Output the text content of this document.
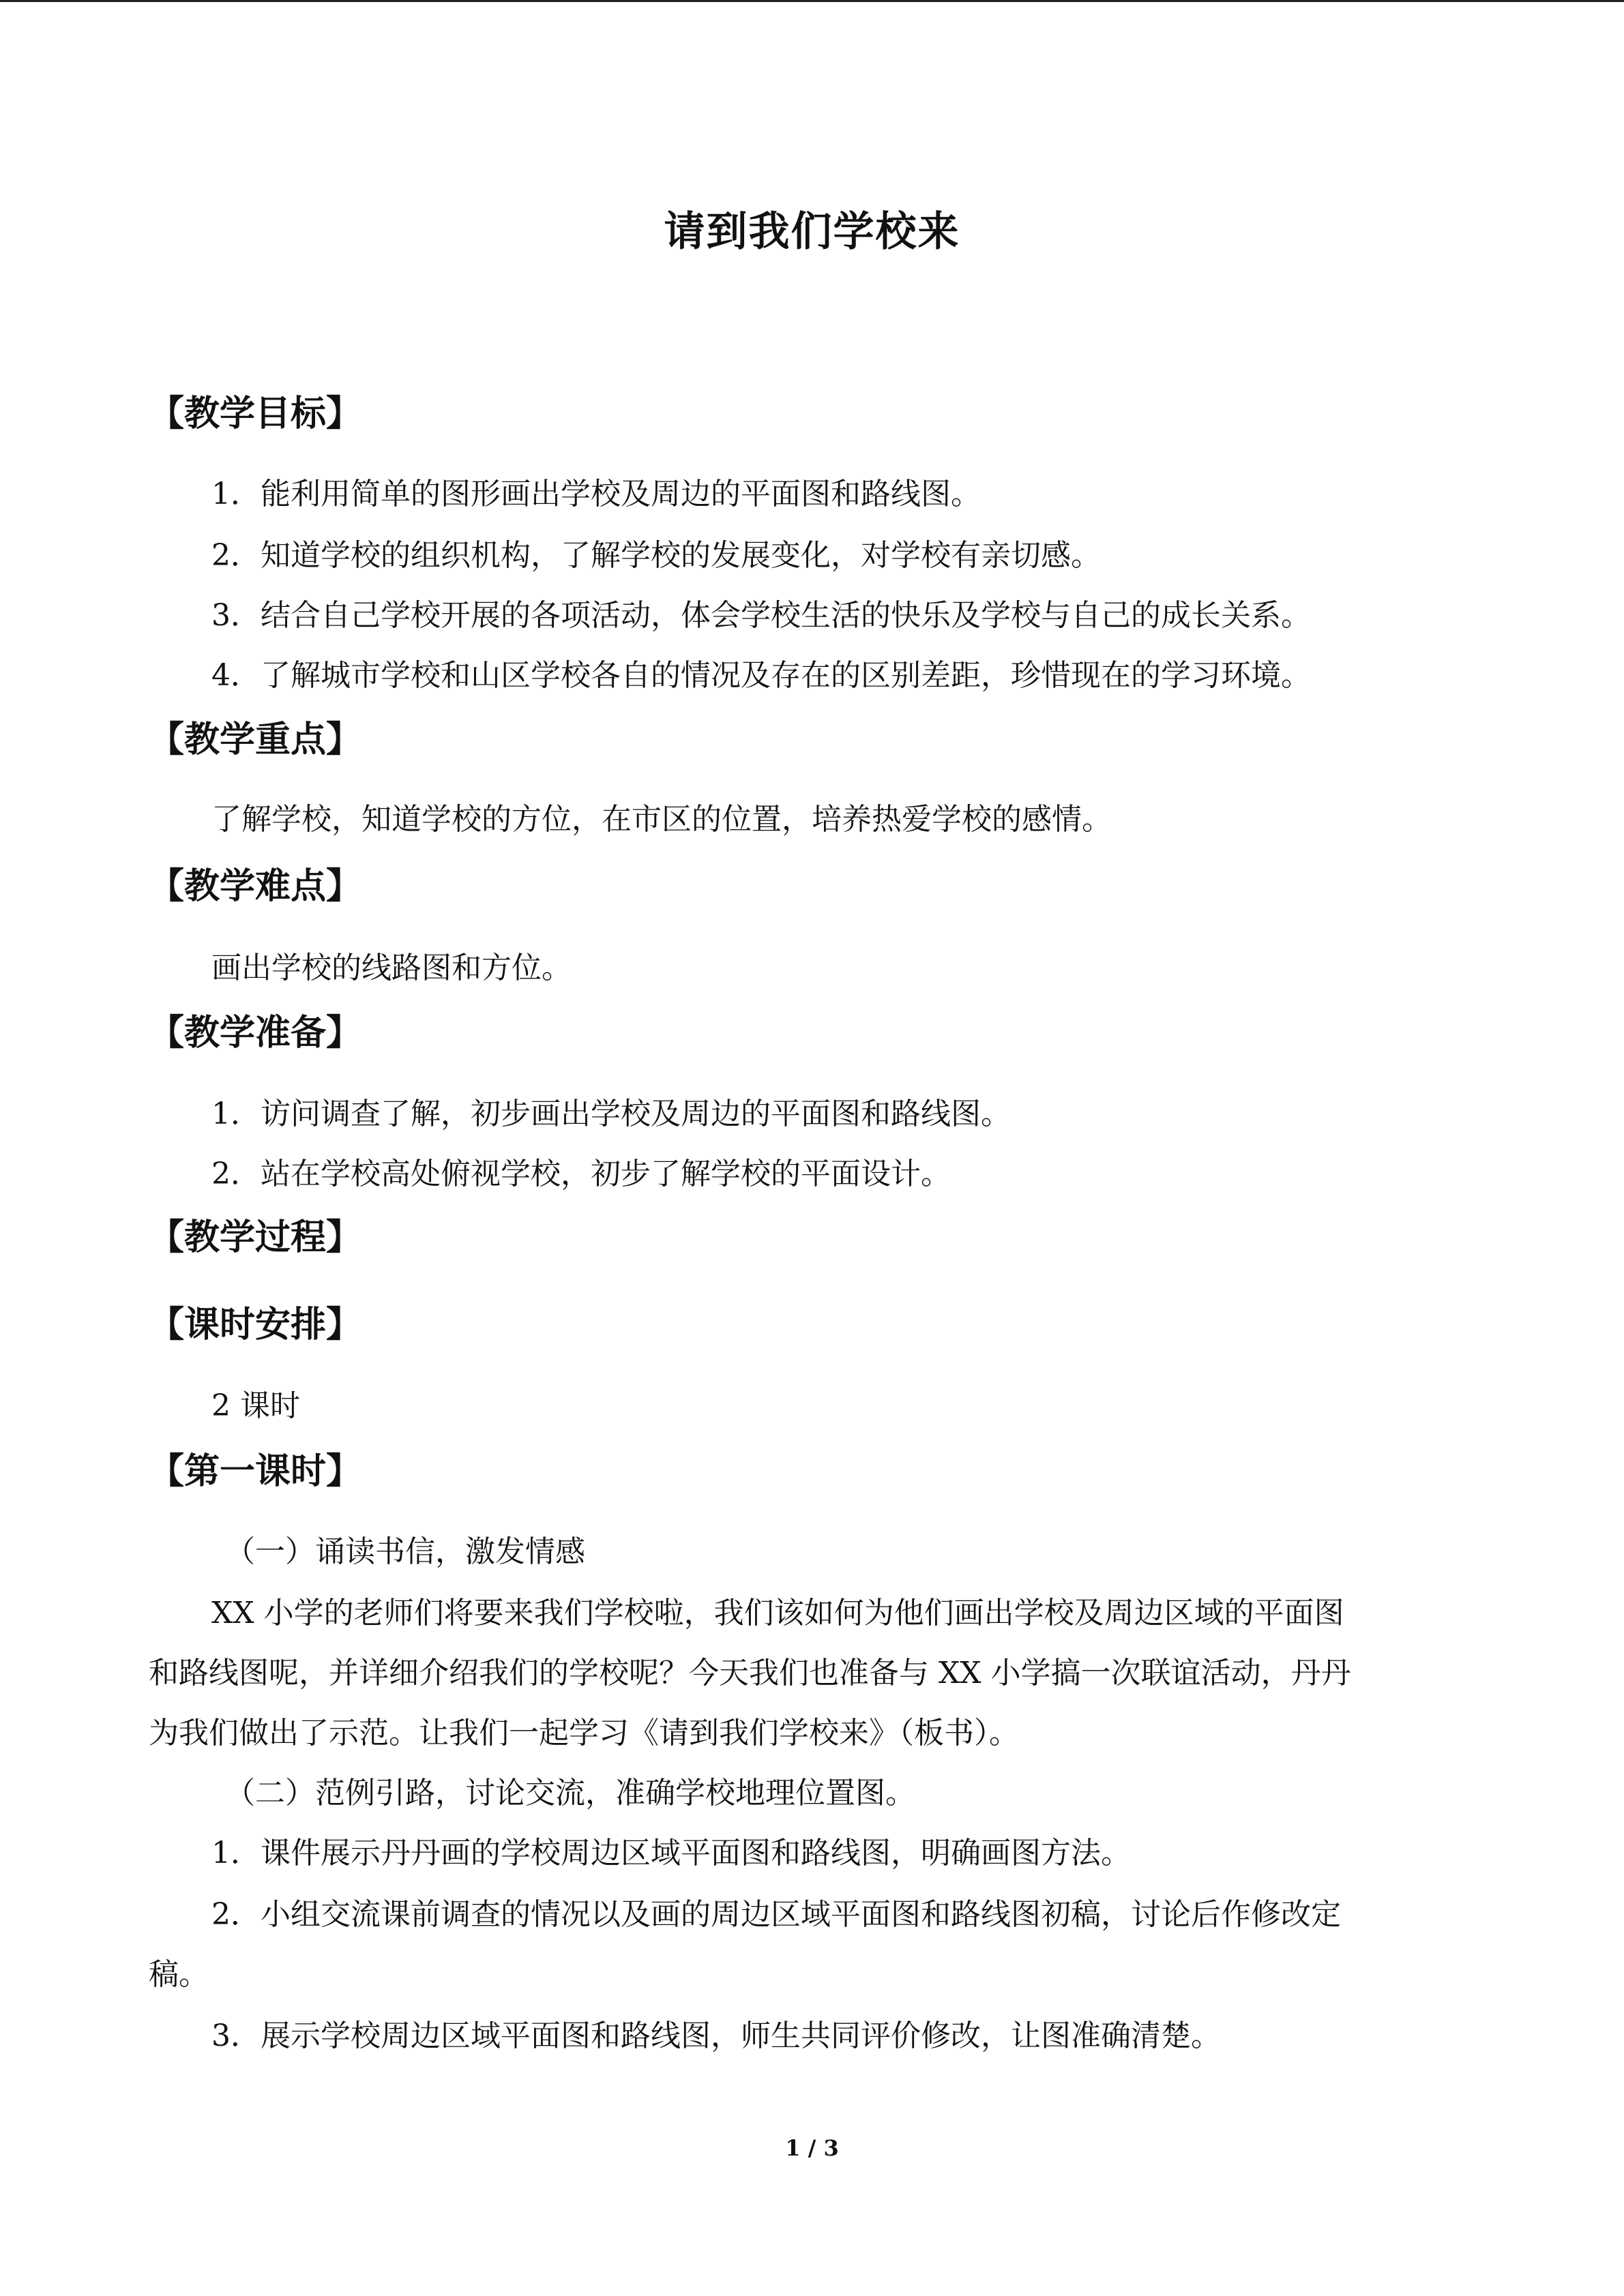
请到我们学校来
【教学目标】
1．能利用简单的图形画出学校及周边的平面图和路线图。
2．知道学校的组织机构，了解学校的发展变化，对学校有亲切感。
3．结合自己学校开展的各项活动，体会学校生活的快乐及学校与自己的成长关系。
4．了解城市学校和山区学校各自的情况及存在的区别差距，珍惜现在的学习环境。
【教学重点】
了解学校，知道学校的方位，在市区的位置，培养热爱学校的感情。
【教学难点】
画出学校的线路图和方位。
【教学准备】
1．访问调查了解，初步画出学校及周边的平面图和路线图。
2．站在学校高处俯视学校，初步了解学校的平面设计。
【教学过程】
【课时安排】
2 课时
【第一课时】
（一）诵读书信，激发情感
XX 小学的老师们将要来我们学校啦，我们该如何为他们画出学校及周边区域的平面图
和路线图呢，并详细介绍我们的学校呢？今天我们也准备与 XX 小学搞一次联谊活动，丹丹
为我们做出了示范。让我们一起学习《请到我们学校来》（板书）。
（二）范例引路，讨论交流，准确学校地理位置图。
1．课件展示丹丹画的学校周边区域平面图和路线图，明确画图方法。
2．小组交流课前调查的情况以及画的周边区域平面图和路线图初稿，讨论后作修改定
稿。
3．展示学校周边区域平面图和路线图，师生共同评价修改，让图准确清楚。
1 / 3
